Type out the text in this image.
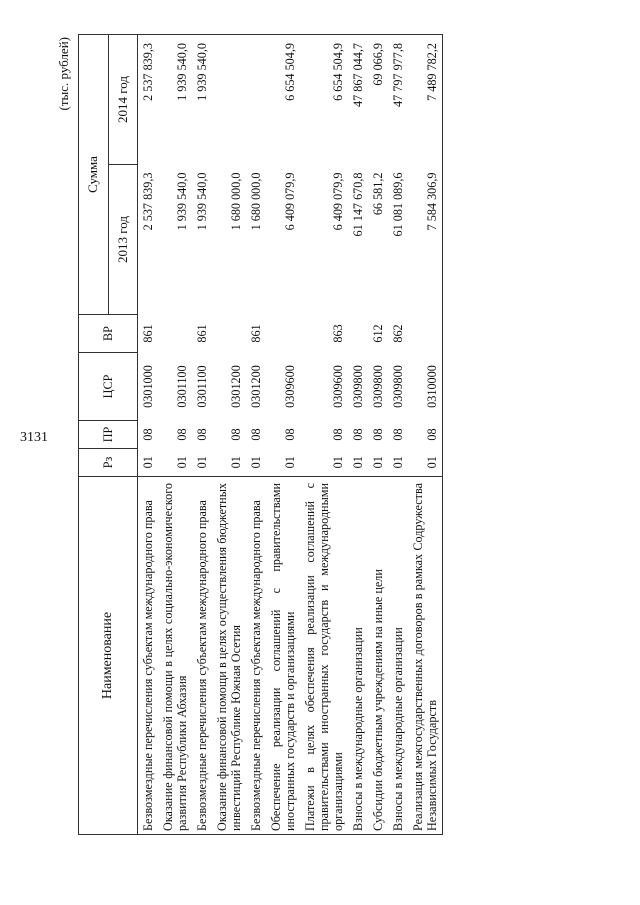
3131
(тыс. рублей)
Наименование	Рз	ПР	ЦСР	ВР	Сумма	
					2013 год	2014 год
Безвозмездные перечисления субъектам международного права	01	08	0301000	861	2 537 839,3	2 537 839,3
Оказание финансовой помощи в целях социально-экономического развития Республики Абхазия	01	08	0301100		1 939 540,0	1 939 540,0
Безвозмездные перечисления субъектам международного права	01	08	0301100	861	1 939 540,0	1 939 540,0
Оказание финансовой помощи в целях осуществления бюджетных инвестиций Республике Южная Осетия	01	08	0301200		1 680 000,0	
Безвозмездные перечисления субъектам международного права	01	08	0301200	861	1 680 000,0	
Обеспечение реализации соглашений с правительствами иностранных государств и организациями	01	08	0309600		6 409 079,9	6 654 504,9
Платежи в целях обеспечения реализации соглашений с правительствами иностранных государств и международными организациями	01	08	0309600	863	6 409 079,9	6 654 504,9
Взносы в международные организации	01	08	0309800		61 147 670,8	47 867 044,7
Субсидии бюджетным учреждениям на иные цели	01	08	0309800	612	66 581,2	69 066,9
Взносы в международные организации	01	08	0309800	862	61 081 089,6	47 797 977,8
Реализация межгосударственных договоров в рамках Содружества Независимых Государств	01	08	0310000		7 584 306,9	7 489 782,2
